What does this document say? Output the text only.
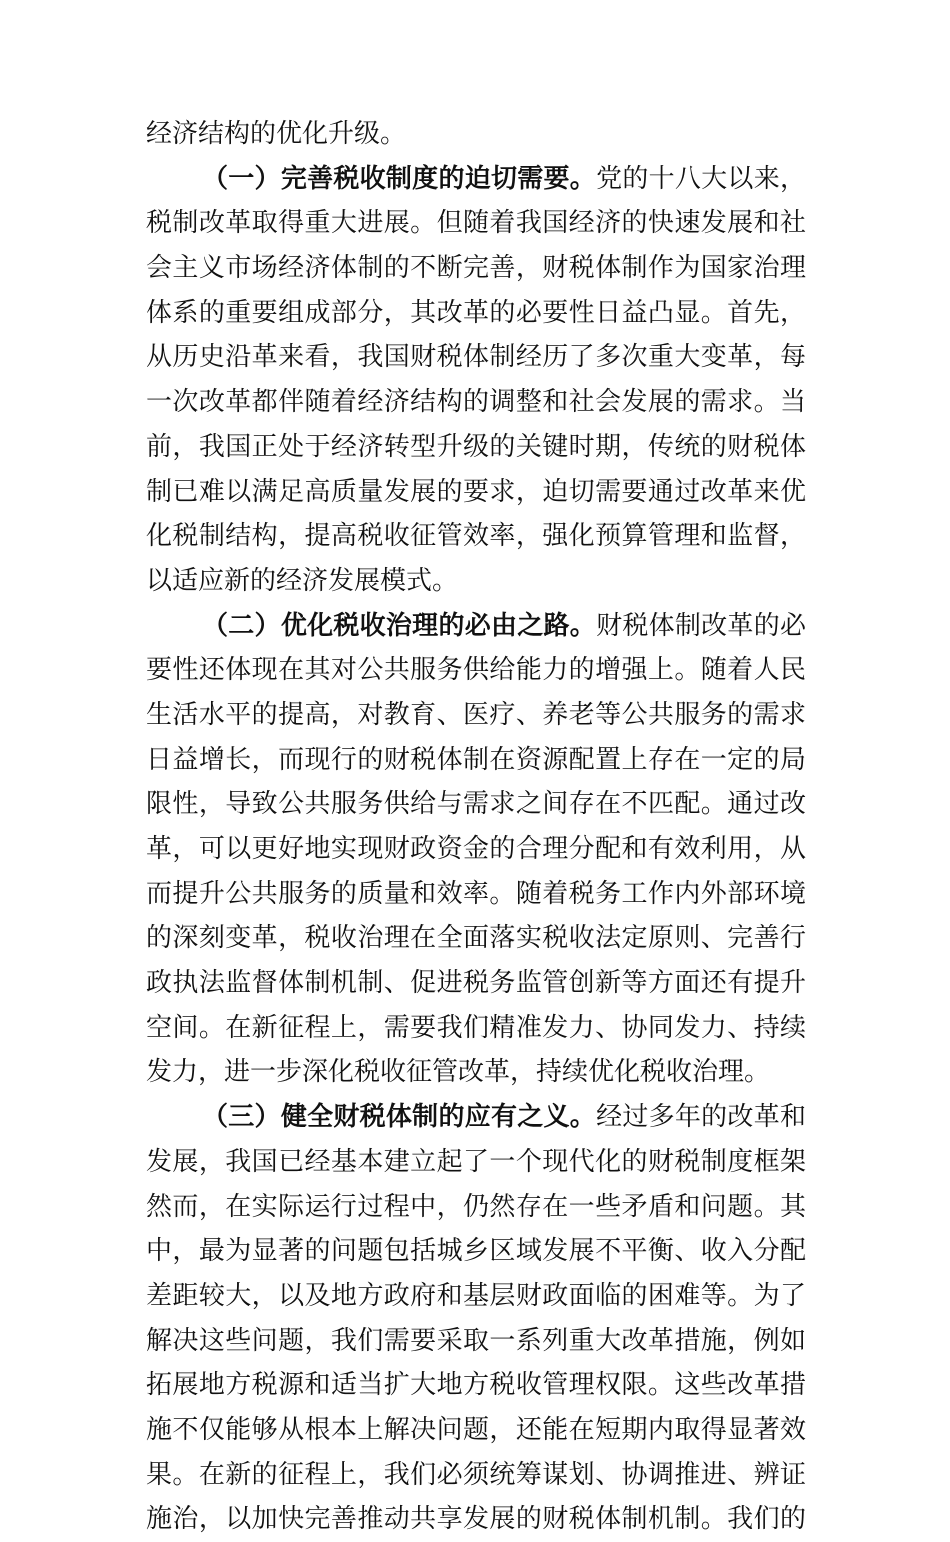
经济结构的优化升级。
（一）完善税收制度的迫切需要。党的十八大以来，
税制改革取得重大进展。但随着我国经济的快速发展和社
会主义市场经济体制的不断完善，财税体制作为国家治理
体系的重要组成部分，其改革的必要性日益凸显。首先，
从历史沿革来看，我国财税体制经历了多次重大变革，每
一次改革都伴随着经济结构的调整和社会发展的需求。当
前，我国正处于经济转型升级的关键时期，传统的财税体
制已难以满足高质量发展的要求，迫切需要通过改革来优
化税制结构，提高税收征管效率，强化预算管理和监督，
以适应新的经济发展模式。
（二）优化税收治理的必由之路。财税体制改革的必
要性还体现在其对公共服务供给能力的增强上。随着人民
生活水平的提高，对教育、医疗、养老等公共服务的需求
日益增长，而现行的财税体制在资源配置上存在一定的局
限性，导致公共服务供给与需求之间存在不匹配。通过改
革，可以更好地实现财政资金的合理分配和有效利用，从
而提升公共服务的质量和效率。随着税务工作内外部环境
的深刻变革，税收治理在全面落实税收法定原则、完善行
政执法监督体制机制、促进税务监管创新等方面还有提升
空间。在新征程上，需要我们精准发力、协同发力、持续
发力，进一步深化税收征管改革，持续优化税收治理。
（三）健全财税体制的应有之义。经过多年的改革和
发展，我国已经基本建立起了一个现代化的财税制度框架
然而，在实际运行过程中，仍然存在一些矛盾和问题。其
中，最为显著的问题包括城乡区域发展不平衡、收入分配
差距较大，以及地方政府和基层财政面临的困难等。为了
解决这些问题，我们需要采取一系列重大改革措施，例如
拓展地方税源和适当扩大地方税收管理权限。这些改革措
施不仅能够从根本上解决问题，还能在短期内取得显著效
果。在新的征程上，我们必须统筹谋划、协调推进、辨证
施治，以加快完善推动共享发展的财税体制机制。我们的
